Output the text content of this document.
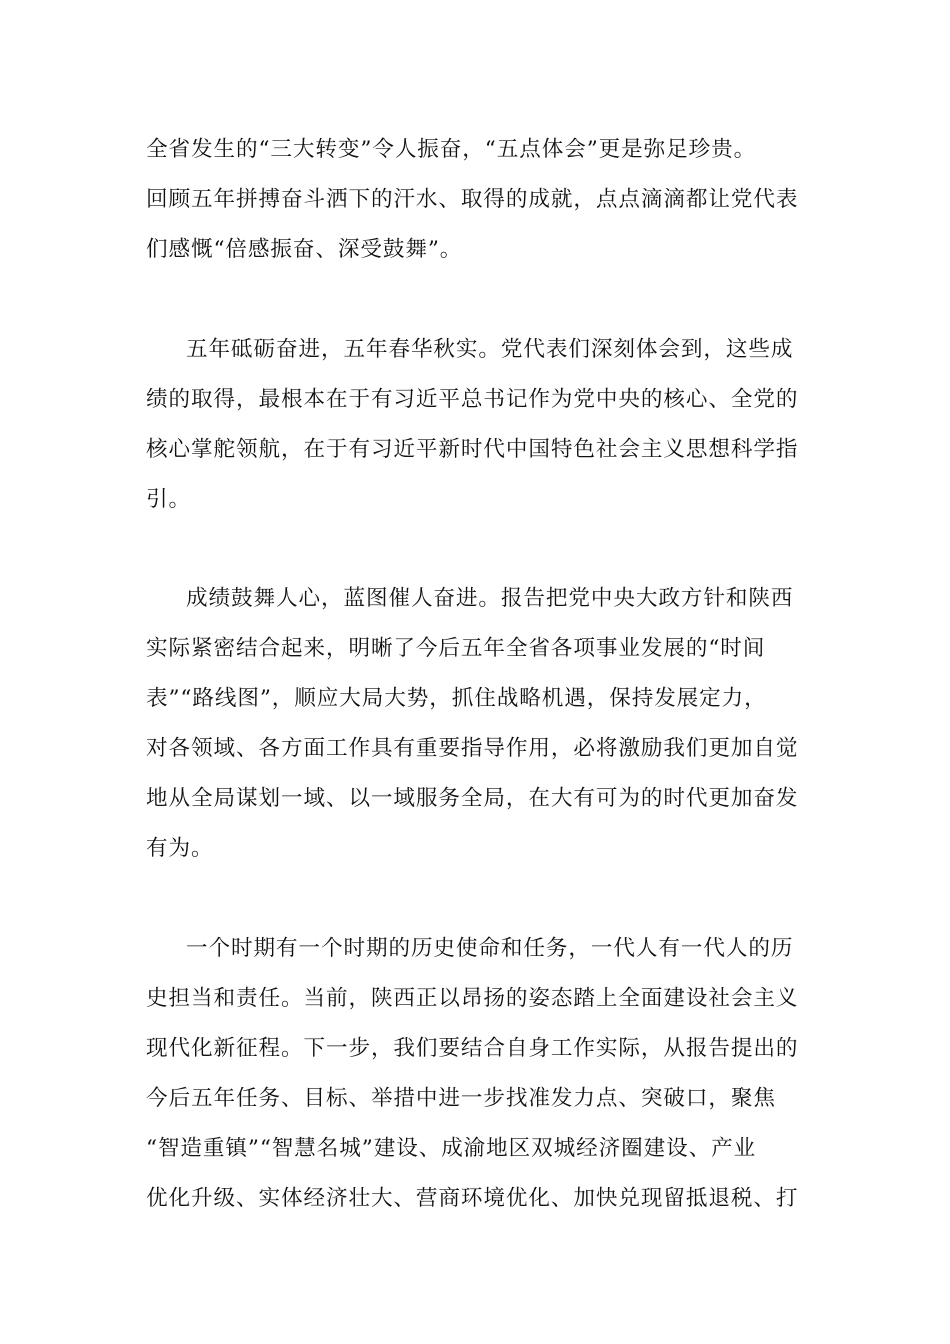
全省发生的“三大转变”令人振奋，“五点体会”更是弥足珍贵。
回顾五年拼搏奋斗洒下的汗水、取得的成就，点点滴滴都让党代表
们感慨“倍感振奋、深受鼓舞”。
五年砥砺奋进，五年春华秋实。党代表们深刻体会到，这些成
绩的取得，最根本在于有习近平总书记作为党中央的核心、全党的
核心掌舵领航，在于有习近平新时代中国特色社会主义思想科学指
引。
成绩鼓舞人心，蓝图催人奋进。报告把党中央大政方针和陕西
实际紧密结合起来，明晰了今后五年全省各项事业发展的“时间
表”“路线图”，顺应大局大势，抓住战略机遇，保持发展定力，
对各领域、各方面工作具有重要指导作用，必将激励我们更加自觉
地从全局谋划一域、以一域服务全局，在大有可为的时代更加奋发
有为。
一个时期有一个时期的历史使命和任务，一代人有一代人的历
史担当和责任。当前，陕西正以昂扬的姿态踏上全面建设社会主义
现代化新征程。下一步，我们要结合自身工作实际，从报告提出的
今后五年任务、目标、举措中进一步找准发力点、突破口，聚焦
“智造重镇”“智慧名城”建设、成渝地区双城经济圈建设、产业
优化升级、实体经济壮大、营商环境优化、加快兑现留抵退税、打
